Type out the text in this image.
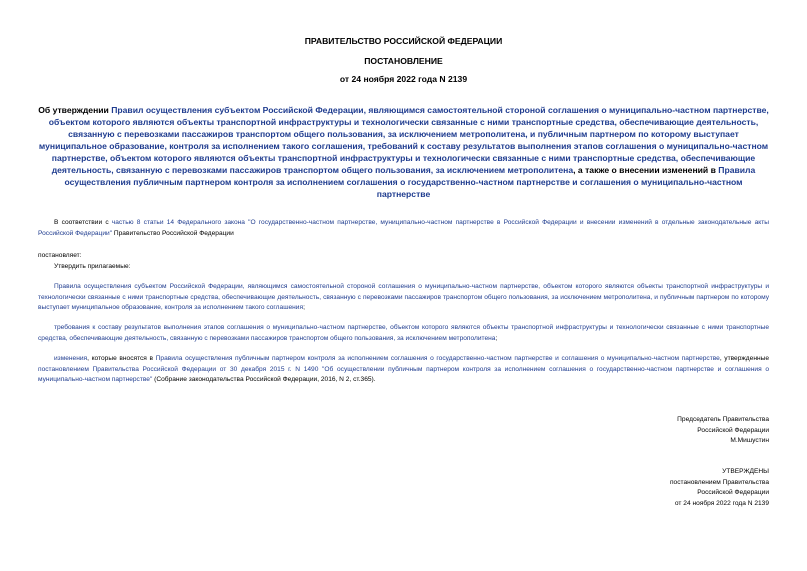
ПРАВИТЕЛЬСТВО РОССИЙСКОЙ ФЕДЕРАЦИИ
ПОСТАНОВЛЕНИЕ
от 24 ноября 2022 года N 2139
Об утверждении Правил осуществления субъектом Российской Федерации, являющимся самостоятельной стороной соглашения о муниципально-частном партнерстве, объектом которого являются объекты транспортной инфраструктуры и технологически связанные с ними транспортные средства, обеспечивающие деятельность, связанную с перевозками пассажиров транспортом общего пользования, за исключением метрополитена, и публичным партнером по которому выступает муниципальное образование, контроля за исполнением такого соглашения, требований к составу результатов выполнения этапов соглашения о муниципально-частном партнерстве, объектом которого являются объекты транспортной инфраструктуры и технологически связанные с ними транспортные средства, обеспечивающие деятельность, связанную с перевозками пассажиров транспортом общего пользования, за исключением метрополитена, а также о внесении изменений в Правила осуществления публичным партнером контроля за исполнением соглашения о государственно-частном партнерстве и соглашения о муниципально-частном партнерстве
В соответствии с частью 8 статьи 14 Федерального закона "О государственно-частном партнерстве, муниципально-частном партнерстве в Российской Федерации и внесении изменений в отдельные законодательные акты Российской Федерации" Правительство Российской Федерации
постановляет:
Утвердить прилагаемые:
Правила осуществления субъектом Российской Федерации, являющимся самостоятельной стороной соглашения о муниципально-частном партнерстве, объектом которого являются объекты транспортной инфраструктуры и технологически связанные с ними транспортные средства, обеспечивающие деятельность, связанную с перевозками пассажиров транспортом общего пользования, за исключением метрополитена, и публичным партнером по которому выступает муниципальное образование, контроля за исполнением такого соглашения;
требования к составу результатов выполнения этапов соглашения о муниципально-частном партнерстве, объектом которого являются объекты транспортной инфраструктуры и технологически связанные с ними транспортные средства, обеспечивающие деятельность, связанную с перевозками пассажиров транспортом общего пользования, за исключением метрополитена;
изменения, которые вносятся в Правила осуществления публичным партнером контроля за исполнением соглашения о государственно-частном партнерстве и соглашения о муниципально-частном партнерстве, утвержденные постановлением Правительства Российской Федерации от 30 декабря 2015 г. N 1490 "Об осуществлении публичным партнером контроля за исполнением соглашения о государственно-частном партнерстве и соглашения о муниципально-частном партнерстве" (Собрание законодательства Российской Федерации, 2016, N 2, ст.365).
Председатель Правительства
Российской Федерации
М.Мишустин
УТВЕРЖДЕНЫ
постановлением Правительства
Российской Федерации
от 24 ноября 2022 года N 2139
